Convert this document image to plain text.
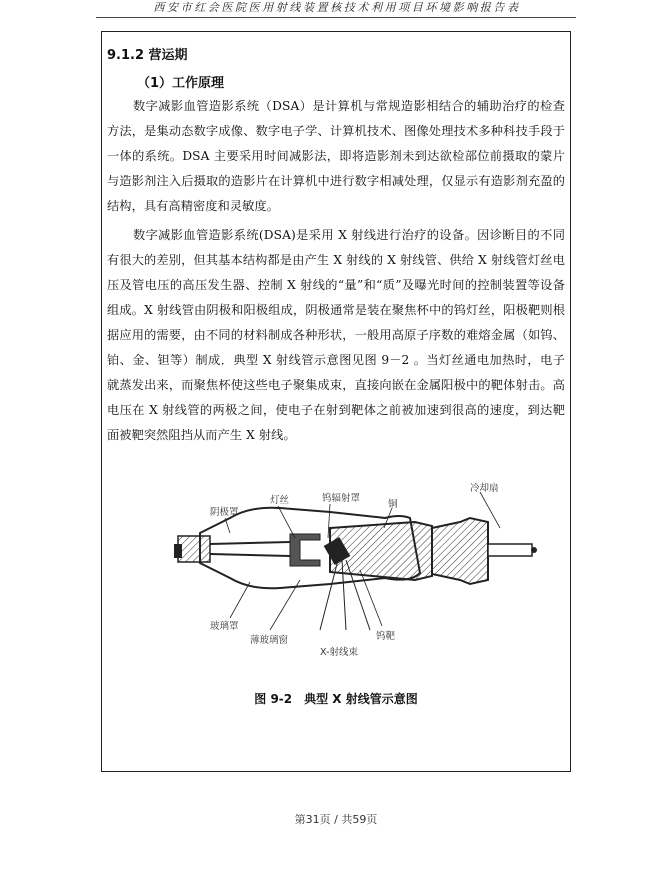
西安市红会医院医用射线装置核技术利用项目环境影响报告表
9.1.2 营运期
（1）工作原理

数字减影血管造影系统（DSA）是计算机与常规造影相结合的辅助治疗的检查方法，是集动态数字成像、数字电子学、计算机技术、图像处理技术多种科技手段于一体的系统。DSA 主要采用时间减影法，即将造影剂未到达欲检部位前摄取的蒙片与造影剂注入后摄取的造影片在计算机中进行数字相减处理，仅显示有造影剂充盈的结构，具有高精密度和灵敏度。

数字减影血管造影系统(DSA)是采用 X 射线进行治疗的设备。因诊断目的不同有很大的差别，但其基本结构都是由产生 X 射线的 X 射线管、供给 X 射线管灯丝电压及管电压的高压发生器、控制 X 射线的“量”和“质”及曝光时间的控制装置等设备组成。X 射线管由阴极和阳极组成，阴极通常是装在聚焦杯中的钨灯丝，阳极靶则根据应用的需要，由不同的材料制成各种形状，一般用高原子序数的难熔金属（如钨、铂、金、钽等）制成．典型 X 射线管示意图见图 9－2 。当灯丝通电加热时，电子就蒸发出来，而聚焦杯使这些电子聚集成束，直接向嵌在金属阳极中的靶体射击。高电压在 X 射线管的两极之间，使电子在射到靶体之前被加速到很高的速度，到达靶面被靶突然阻挡从而产生 X 射线。

阴极罩
灯丝	钨辐射罩
铜
冷却扇
玻璃罩
薄玻璃窗
X-射线束
钨靶
图 9-2　典型 X 射线管示意图
第31页 / 共59页
